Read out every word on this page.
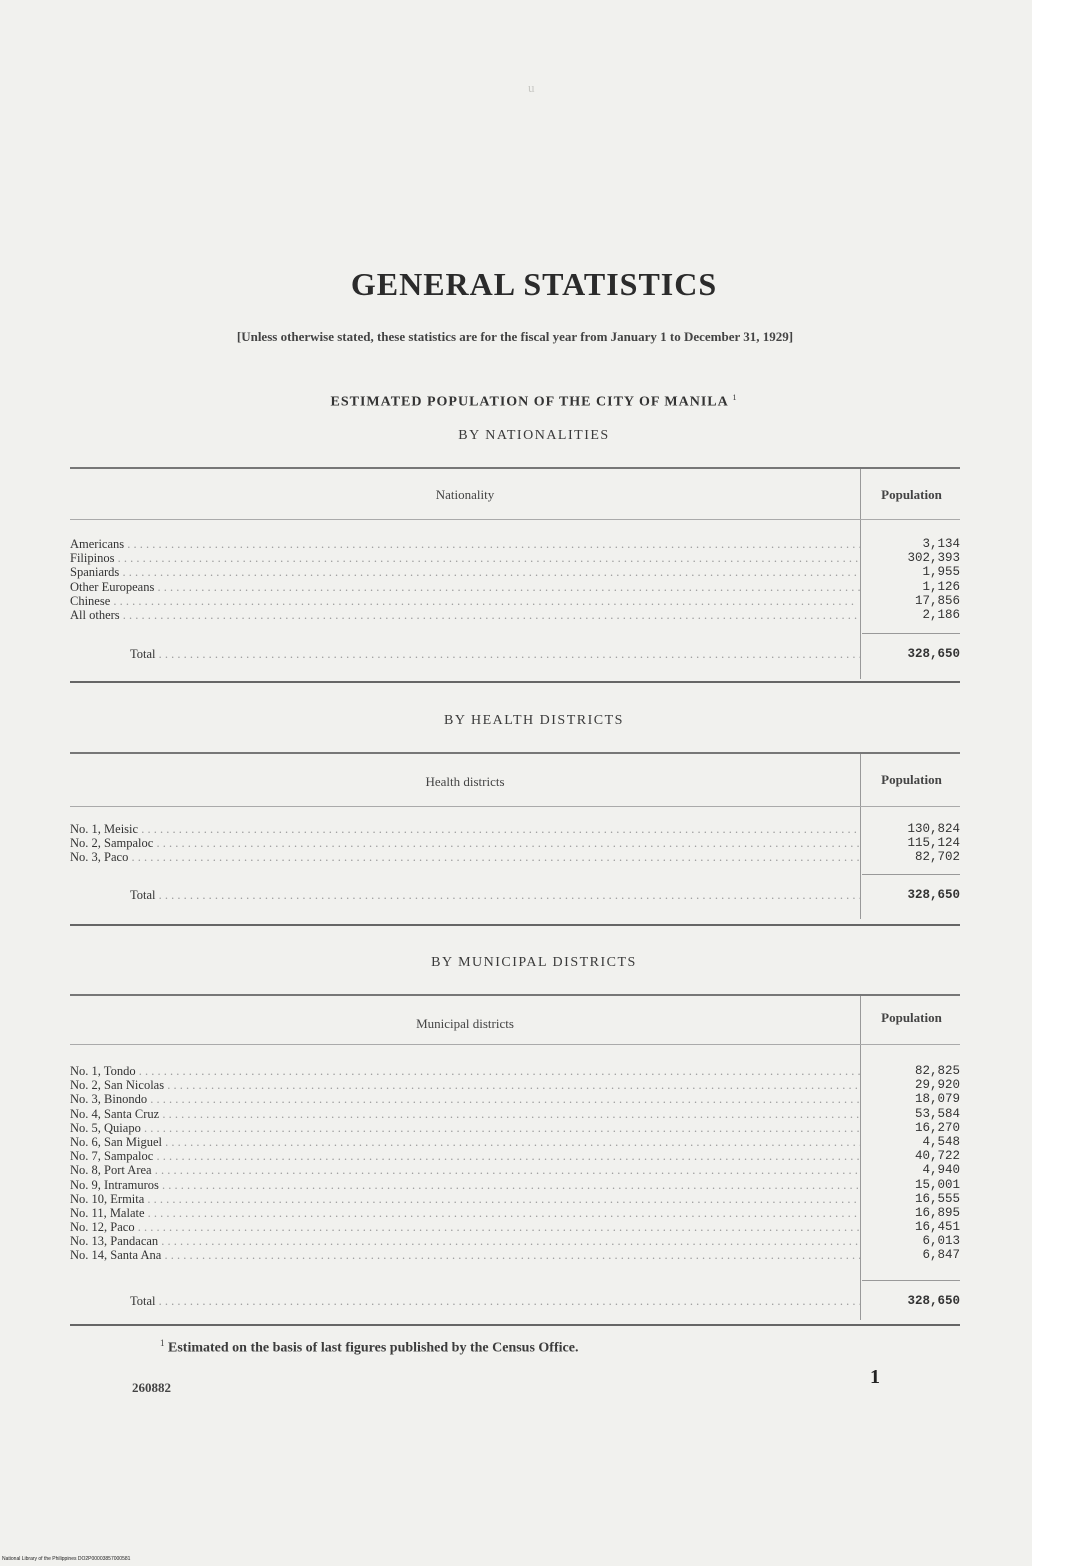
u
GENERAL STATISTICS
[Unless otherwise stated, these statistics are for the fiscal year from January 1 to December 31, 1929]
ESTIMATED POPULATION OF THE CITY OF MANILA $^1$
BY NATIONALITIES
Nationality	Population
Americans . . .	3,134
Filipinos . . .	302,393
Spaniards . . .	1,955
Other Europeans . . .	1,126
Chinese . . .	17,856
All others . . .	2,186
Total . . .	328,650
BY HEALTH DISTRICTS
Health districts	Population
No. 1, Meisic . . .	130,824
No. 2, Sampaloc . . .	115,124
No. 3, Paco . . .	82,702
Total . . .	328,650
BY MUNICIPAL DISTRICTS
Municipal districts	Population
No. 1, Tondo . . .	82,825
No. 2, San Nicolas . . .	29,920
No. 3, Binondo . . .	18,079
No. 4, Santa Cruz . . .	53,584
No. 5, Quiapo . . .	16,270
No. 6, San Miguel . . .	4,548
No. 7, Sampaloc . . .	40,722
No. 8, Port Area . . .	4,940
No. 9, Intramuros . . .	15,001
No. 10, Ermita . . .	16,555
No. 11, Malate . . .	16,895
No. 12, Paco . . .	16,451
No. 13, Pandacan . . .	6,013
No. 14, Santa Ana . . .	6,847
Total . . .	328,650
$^1$ Estimated on the basis of last figures published by the Census Office.
260882	1
National Library of the Philippines DO2P00003857000581
